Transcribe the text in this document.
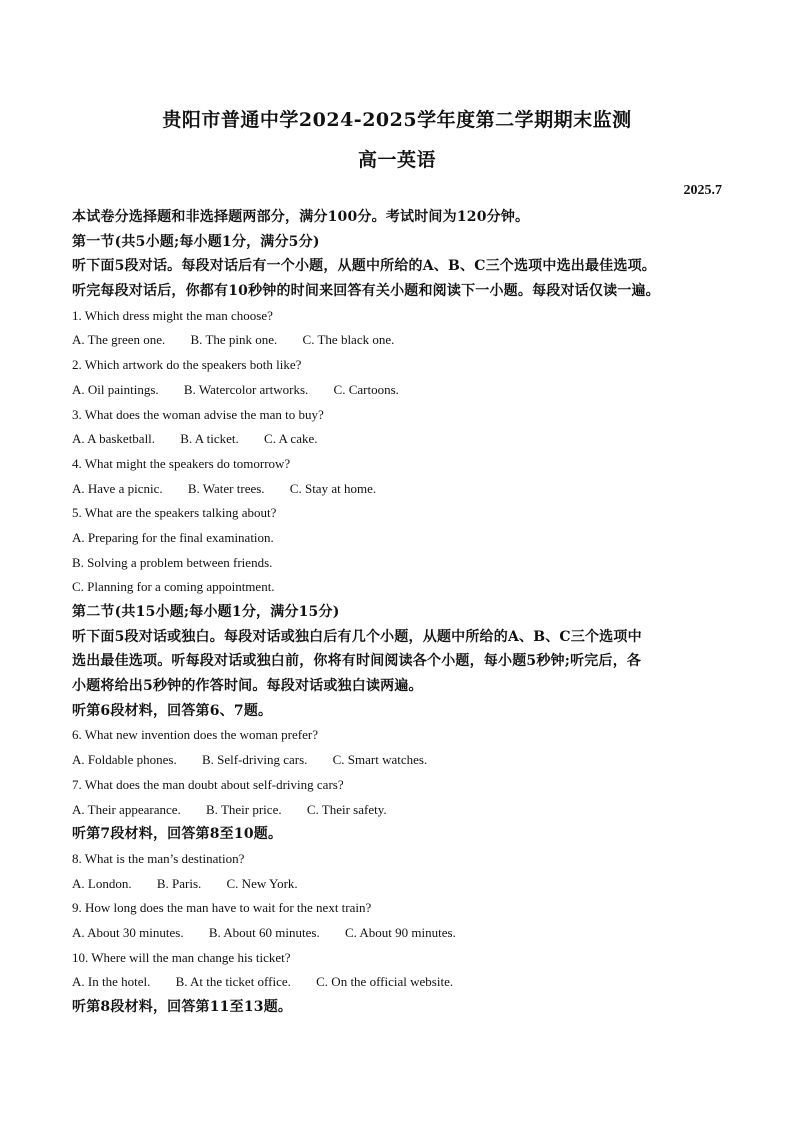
贵阳市普通中学2024-2025学年度第二学期期末监测
高一英语
2025.7
本试卷分选择题和非选择题两部分，满分100分。考试时间为120分钟。
第一节(共5小题;每小题1分，满分5分)
听下面5段对话。每段对话后有一个小题，从题中所给的A、B、C三个选项中选出最佳选项。
听完每段对话后，你都有10秒钟的时间来回答有关小题和阅读下一小题。每段对话仅读一遍。
1. Which dress might the man choose?
A. The green one. B. The pink one. C. The black one.
2. Which artwork do the speakers both like?
A. Oil paintings. B. Watercolor artworks. C. Cartoons.
3. What does the woman advise the man to buy?
A. A basketball. B. A ticket. C. A cake.
4. What might the speakers do tomorrow?
A. Have a picnic. B. Water trees. C. Stay at home.
5. What are the speakers talking about?
A. Preparing for the final examination.
B. Solving a problem between friends.
C. Planning for a coming appointment.
第二节(共15小题;每小题1分，满分15分)
听下面5段对话或独白。每段对话或独白后有几个小题，从题中所给的A、B、C三个选项中
选出最佳选项。听每段对话或独白前，你将有时间阅读各个小题，每小题5秒钟;听完后，各
小题将给出5秒钟的作答时间。每段对话或独白读两遍。
听第6段材料，回答第6、7题。
6. What new invention does the woman prefer?
A. Foldable phones. B. Self-driving cars. C. Smart watches.
7. What does the man doubt about self-driving cars?
A. Their appearance. B. Their price. C. Their safety.
听第7段材料，回答第8至10题。
8. What is the man’s destination?
A. London. B. Paris. C. New York.
9. How long does the man have to wait for the next train?
A. About 30 minutes. B. About 60 minutes. C. About 90 minutes.
10. Where will the man change his ticket?
A. In the hotel. B. At the ticket office. C. On the official website.
听第8段材料，回答第11至13题。
